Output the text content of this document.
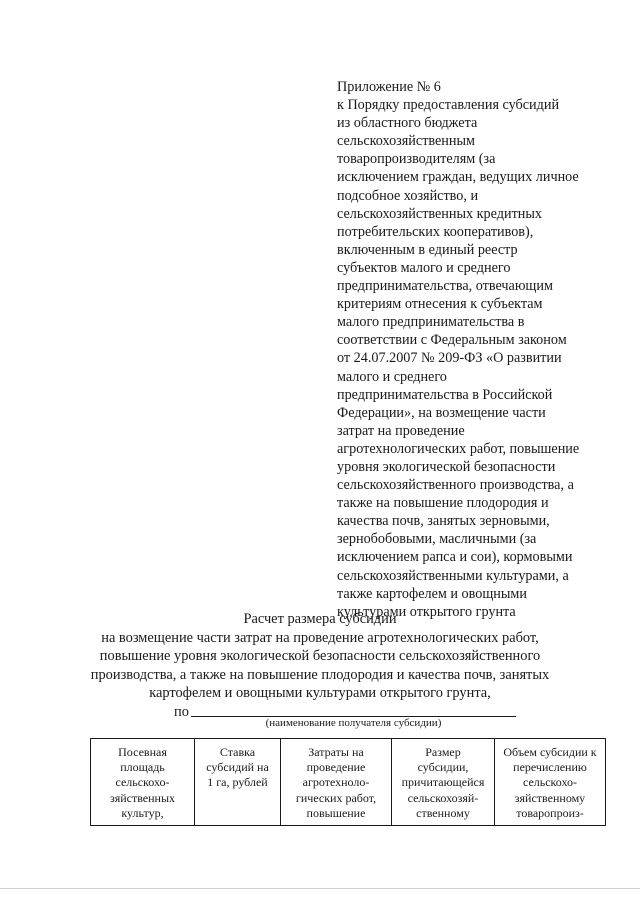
Приложение № 6
к Порядку предоставления субсидий
из областного бюджета
сельскохозяйственным
товаропроизводителям (за
исключением граждан, ведущих личное
подсобное хозяйство, и
сельскохозяйственных кредитных
потребительских кооперативов),
включенным в единый реестр
субъектов малого и среднего
предпринимательства, отвечающим
критериям отнесения к субъектам
малого предпринимательства в
соответствии с Федеральным законом
от 24.07.2007 № 209-ФЗ «О развитии
малого и среднего
предпринимательства в Российской
Федерации», на возмещение части
затрат на проведение
агротехнологических работ, повышение
уровня экологической безопасности
сельскохозяйственного производства, а
также на повышение плодородия и
качества почв, занятых зерновыми,
зернобобовыми, масличными (за
исключением рапса и сои), кормовыми
сельскохозяйственными культурами, а
также картофелем и овощными
культурами открытого грунта
Расчет размера субсидии
на возмещение части затрат на проведение агротехнологических работ,
повышение уровня экологической безопасности сельскохозяйственного
производства, а также на повышение плодородия и качества почв, занятых
картофелем и овощными культурами открытого грунта,
по
(наименование получателя субсидии)
Посевная
площадь
сельскохо-
зяйственных
культур,

Ставка
субсидий на
1 га, рублей

Затраты на
проведение
агротехноло-
гических работ,
повышение

Размер
субсидии,
причитающейся
сельскохозяй-
ственному

Объем субсидии к
перечислению
сельскохо-
зяйственному
товаропроиз-
